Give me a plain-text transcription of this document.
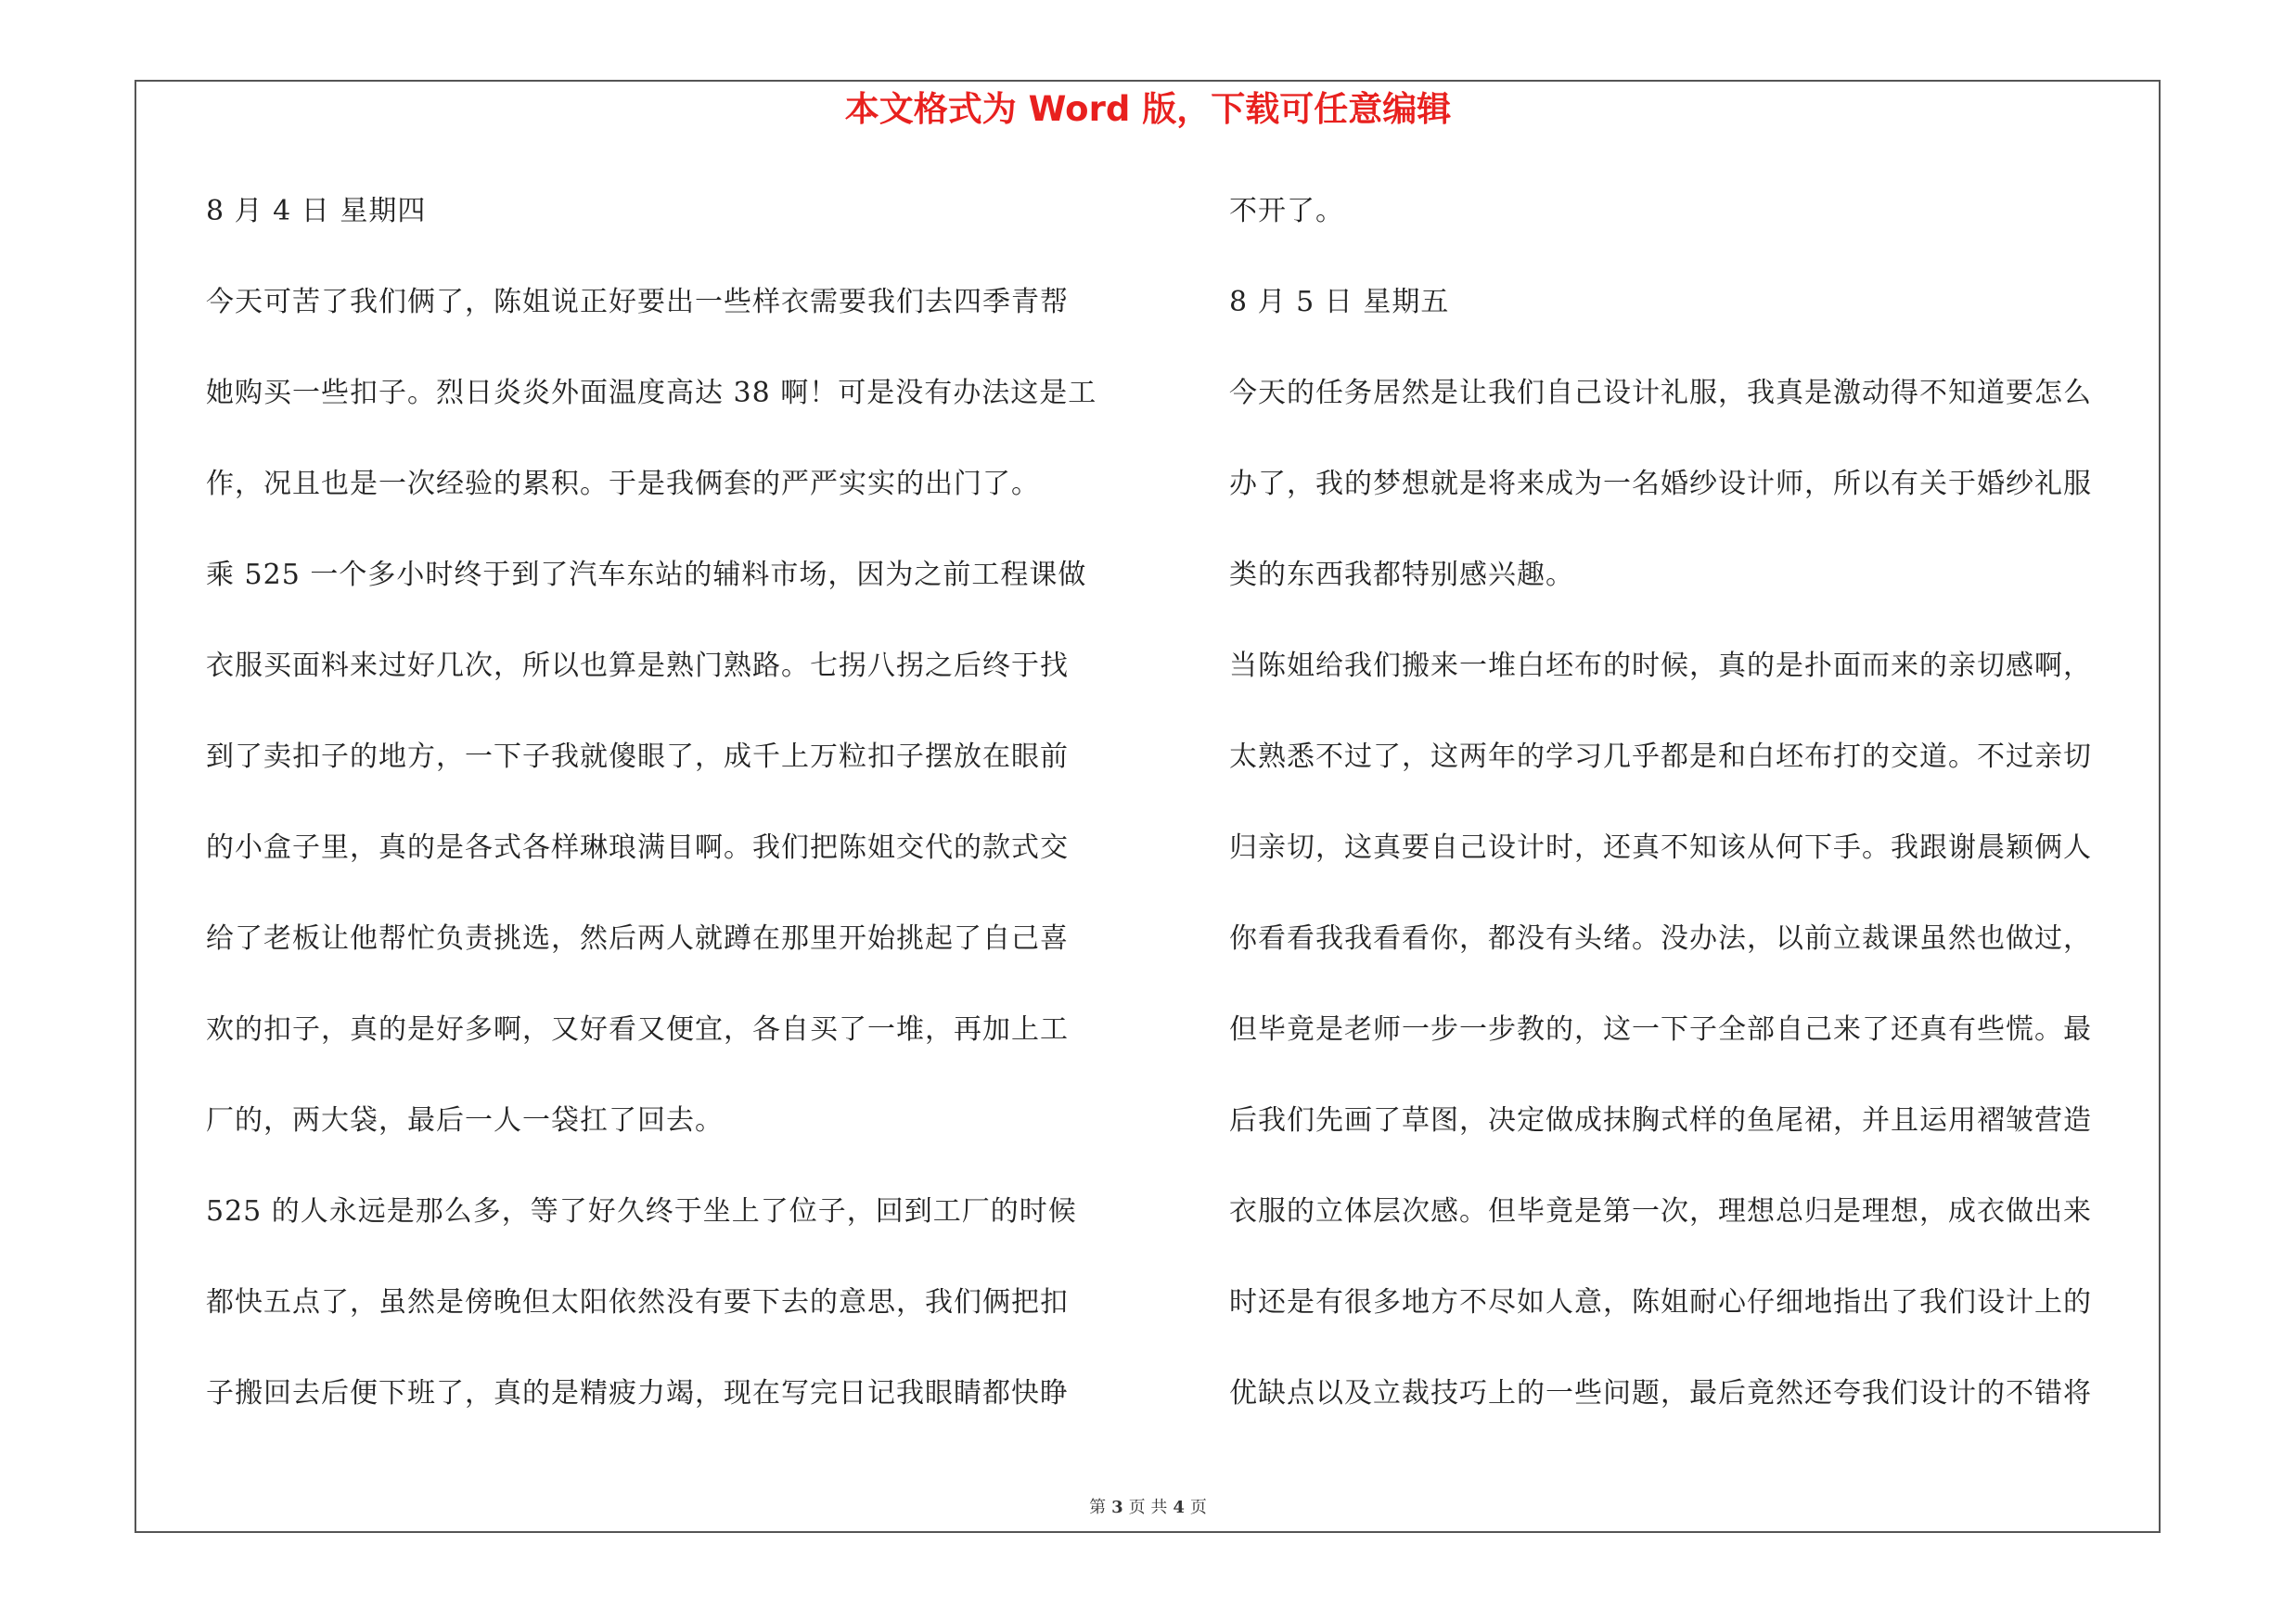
本文格式为 Word 版，下载可任意编辑
8 月 4 日 星期四
今天可苦了我们俩了，陈姐说正好要出一些样衣需要我们去四季青帮
她购买一些扣子。烈日炎炎外面温度高达 38 啊！可是没有办法这是工
作，况且也是一次经验的累积。于是我俩套的严严实实的出门了。
乘 525 一个多小时终于到了汽车东站的辅料市场，因为之前工程课做
衣服买面料来过好几次，所以也算是熟门熟路。七拐八拐之后终于找
到了卖扣子的地方，一下子我就傻眼了，成千上万粒扣子摆放在眼前
的小盒子里，真的是各式各样琳琅满目啊。我们把陈姐交代的款式交
给了老板让他帮忙负责挑选，然后两人就蹲在那里开始挑起了自己喜
欢的扣子，真的是好多啊，又好看又便宜，各自买了一堆，再加上工
厂的，两大袋，最后一人一袋扛了回去。
525 的人永远是那么多，等了好久终于坐上了位子，回到工厂的时候
都快五点了，虽然是傍晚但太阳依然没有要下去的意思，我们俩把扣
子搬回去后便下班了，真的是精疲力竭，现在写完日记我眼睛都快睁
不开了。
8 月 5 日 星期五
今天的任务居然是让我们自己设计礼服，我真是激动得不知道要怎么
办了，我的梦想就是将来成为一名婚纱设计师，所以有关于婚纱礼服
类的东西我都特别感兴趣。
当陈姐给我们搬来一堆白坯布的时候，真的是扑面而来的亲切感啊，
太熟悉不过了，这两年的学习几乎都是和白坯布打的交道。不过亲切
归亲切，这真要自己设计时，还真不知该从何下手。我跟谢晨颖俩人
你看看我我看看你，都没有头绪。没办法，以前立裁课虽然也做过，
但毕竟是老师一步一步教的，这一下子全部自己来了还真有些慌。最
后我们先画了草图，决定做成抹胸式样的鱼尾裙，并且运用褶皱营造
衣服的立体层次感。但毕竟是第一次，理想总归是理想，成衣做出来
时还是有很多地方不尽如人意，陈姐耐心仔细地指出了我们设计上的
优缺点以及立裁技巧上的一些问题，最后竟然还夸我们设计的不错将
第 3 页 共 4 页
